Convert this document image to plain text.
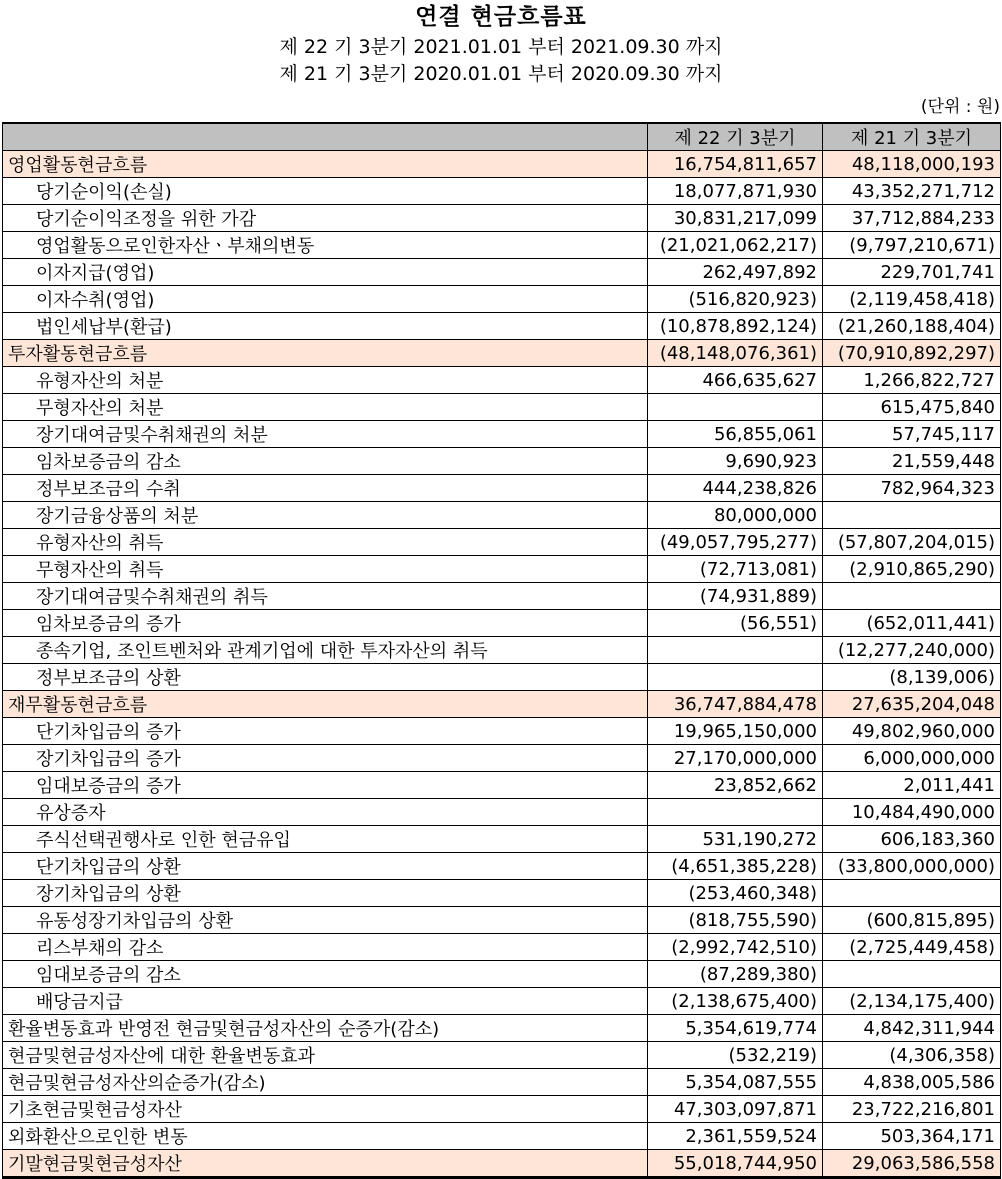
연결 현금흐름표
제 22 기 3분기 2021.01.01 부터 2021.09.30 까지
제 21 기 3분기 2020.01.01 부터 2020.09.30 까지
(단위 : 원)
	제 22 기 3분기	제 21 기 3분기
영업활동현금흐름	16,754,811,657	48,118,000,193
당기순이익(손실)	18,077,871,930	43,352,271,712
당기순이익조정을 위한 가감	30,831,217,099	37,712,884,233
영업활동으로인한자산ㆍ부채의변동	(21,021,062,217)	(9,797,210,671)
이자지급(영업)	262,497,892	229,701,741
이자수취(영업)	(516,820,923)	(2,119,458,418)
법인세납부(환급)	(10,878,892,124)	(21,260,188,404)
투자활동현금흐름	(48,148,076,361)	(70,910,892,297)
유형자산의 처분	466,635,627	1,266,822,727
무형자산의 처분		615,475,840
장기대여금및수취채권의 처분	56,855,061	57,745,117
임차보증금의 감소	9,690,923	21,559,448
정부보조금의 수취	444,238,826	782,964,323
장기금융상품의 처분	80,000,000	
유형자산의 취득	(49,057,795,277)	(57,807,204,015)
무형자산의 취득	(72,713,081)	(2,910,865,290)
장기대여금및수취채권의 취득	(74,931,889)	
임차보증금의 증가	(56,551)	(652,011,441)
종속기업, 조인트벤처와 관계기업에 대한 투자자산의 취득		(12,277,240,000)
정부보조금의 상환		(8,139,006)
재무활동현금흐름	36,747,884,478	27,635,204,048
단기차입금의 증가	19,965,150,000	49,802,960,000
장기차입금의 증가	27,170,000,000	6,000,000,000
임대보증금의 증가	23,852,662	2,011,441
유상증자		10,484,490,000
주식선택권행사로 인한 현금유입	531,190,272	606,183,360
단기차입금의 상환	(4,651,385,228)	(33,800,000,000)
장기차입금의 상환	(253,460,348)	
유동성장기차입금의 상환	(818,755,590)	(600,815,895)
리스부채의 감소	(2,992,742,510)	(2,725,449,458)
임대보증금의 감소	(87,289,380)	
배당금지급	(2,138,675,400)	(2,134,175,400)
환율변동효과 반영전 현금및현금성자산의 순증가(감소)	5,354,619,774	4,842,311,944
현금및현금성자산에 대한 환율변동효과	(532,219)	(4,306,358)
현금및현금성자산의순증가(감소)	5,354,087,555	4,838,005,586
기초현금및현금성자산	47,303,097,871	23,722,216,801
외화환산으로인한 변동	2,361,559,524	503,364,171
기말현금및현금성자산	55,018,744,950	29,063,586,558
